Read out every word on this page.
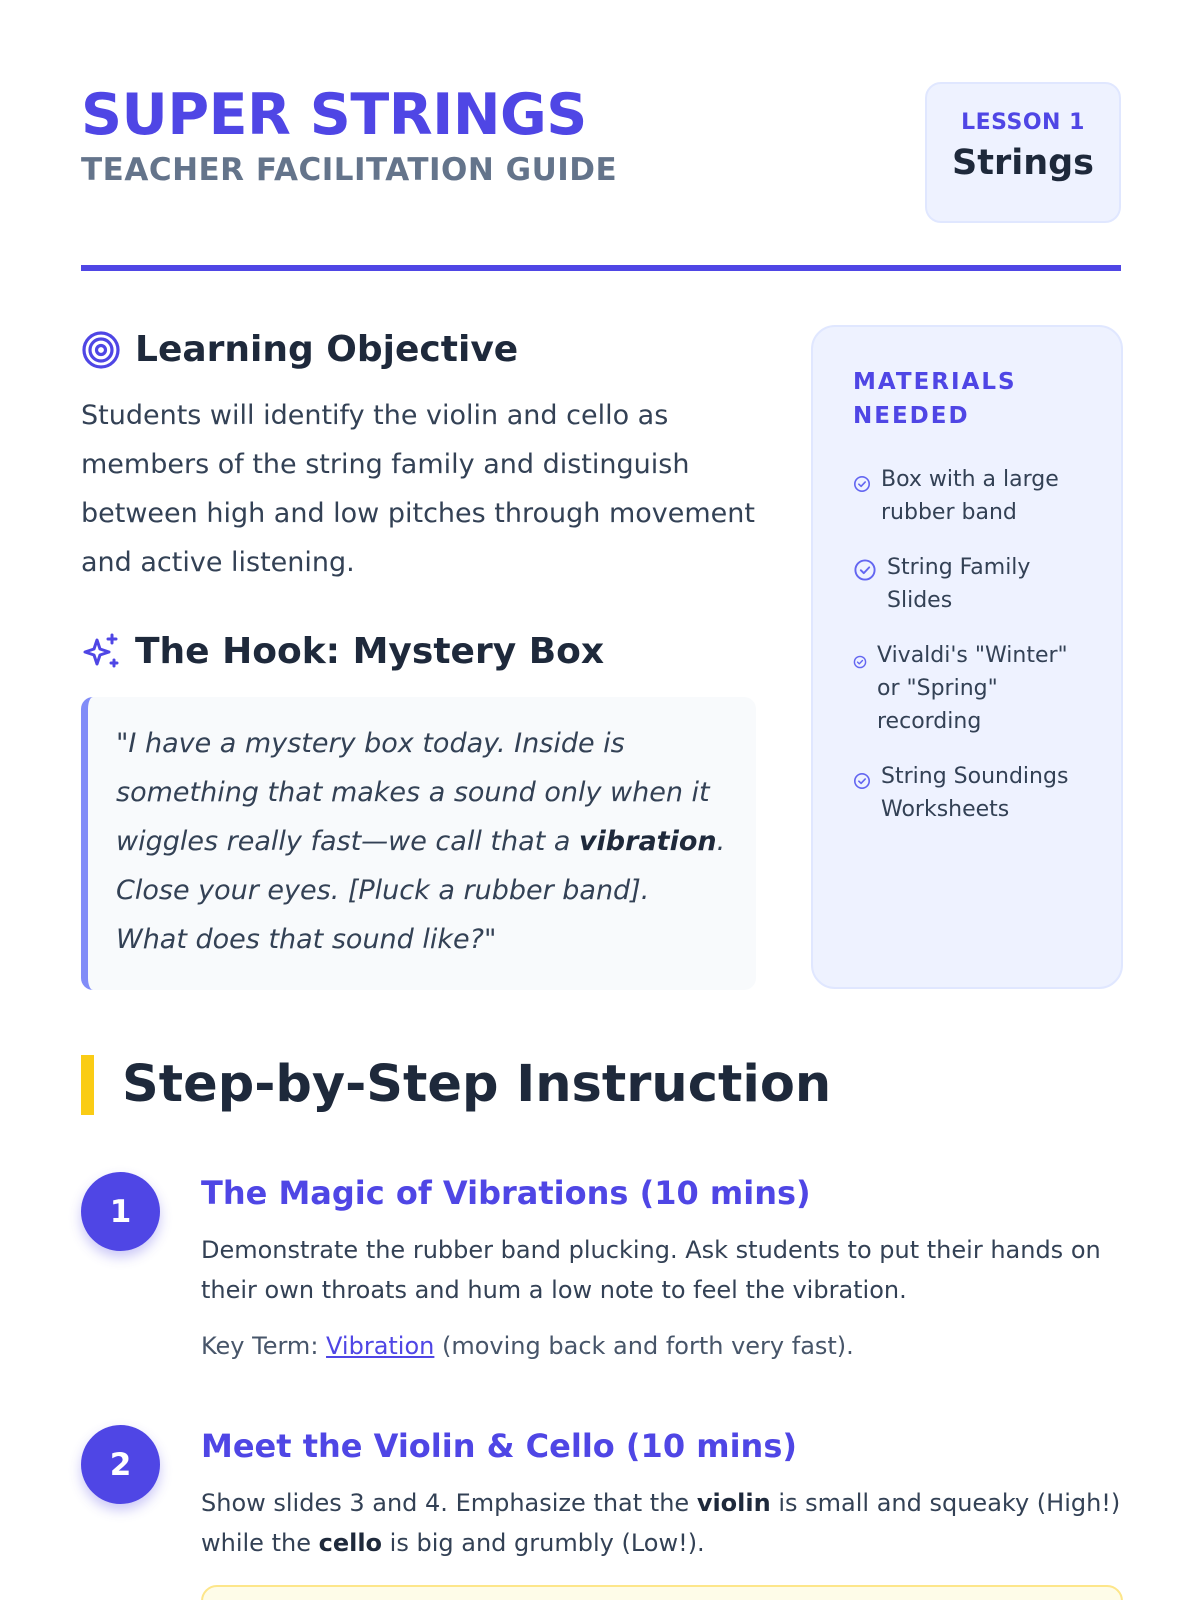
SUPER STRINGS
TEACHER FACILITATION GUIDE
LESSON 1
Strings
Learning Objective

Students will identify the violin and cello as members of the string family and distinguish between high and low pitches through movement and active listening.

The Hook: Mystery Box
"I have a mystery box today. Inside is something that makes a sound only when it wiggles really fast—we call that a vibration. Close your eyes. [Pluck a rubber band]. What does that sound like?"
MATERIALS NEEDED
Box with a large rubber band
String Family Slides
Vivaldi's "Winter" or "Spring" recording
String Soundings Worksheets
Step-by-Step Instruction
1	The Magic of Vibrations (10 mins)

Demonstrate the rubber band plucking. Ask students to put their hands on their own throats and hum a low note to feel the vibration.

Key Term: Vibration (moving back and forth very fast).

2	Meet the Violin & Cello (10 mins)

Show slides 3 and 4. Emphasize that the violin is small and squeaky (High!) while the cello is big and grumbly (Low!).
